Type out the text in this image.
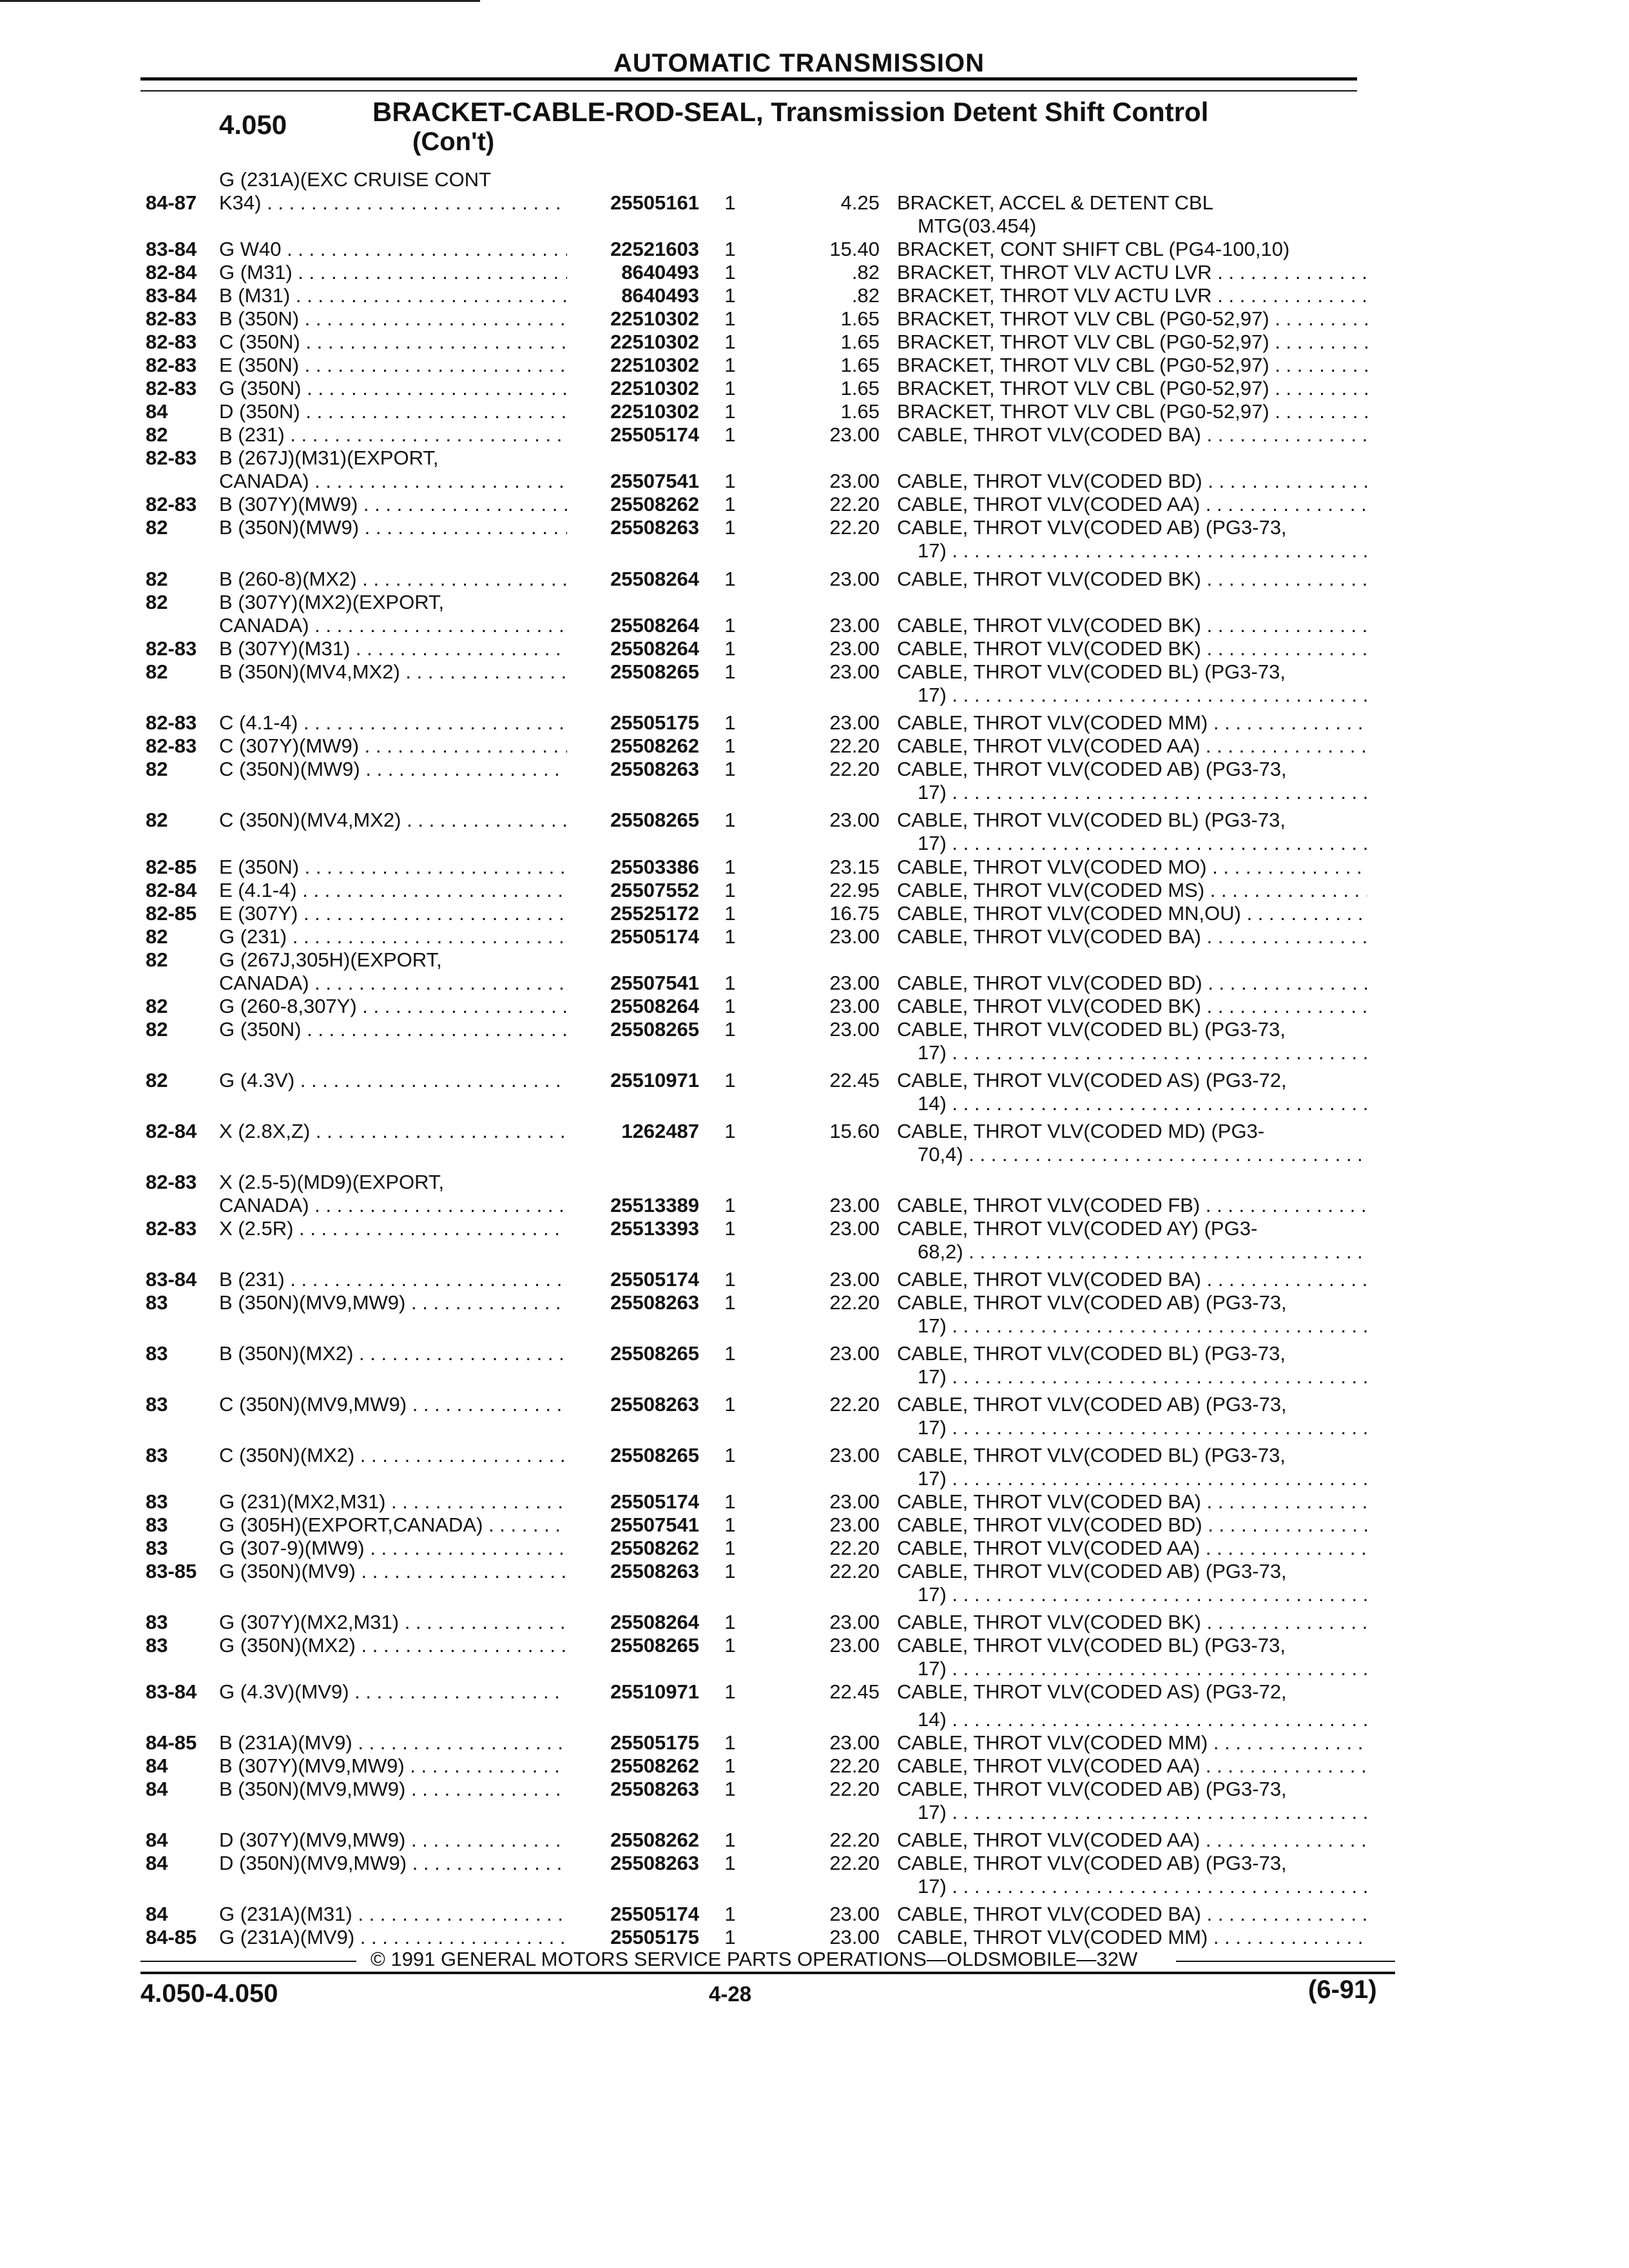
AUTOMATIC TRANSMISSION
4.050	BRACKET-CABLE-ROD-SEAL, Transmission Detent Shift Control
(Con't)
G (231A)(EXC CRUISE CONT
84-87 K34) . . .	25505161 1	4.25 BRACKET, ACCEL & DETENT CBL
MTG(03.454)
83-84 G W40 . . .	22521603 1	15.40 BRACKET, CONT SHIFT CBL (PG4-100,10)
82-84 G (M31) . . .	8640493 1	.82 BRACKET, THROT VLV ACTU LVR . . .
83-84 B (M31) . . .	8640493 1	.82 BRACKET, THROT VLV ACTU LVR . . .
82-83 B (350N) . . .	22510302 1	1.65 BRACKET, THROT VLV CBL (PG0-52,97) . . .
82-83 C (350N) . . .	22510302 1	1.65 BRACKET, THROT VLV CBL (PG0-52,97) . . .
82-83 E (350N) . . .	22510302 1	1.65 BRACKET, THROT VLV CBL (PG0-52,97) . . .
82-83 G (350N) . . .	22510302 1	1.65 BRACKET, THROT VLV CBL (PG0-52,97) . . .
84	D (350N) . . .	22510302 1	1.65 BRACKET, THROT VLV CBL (PG0-52,97) . . .
82	B (231) . . .	25505174 1	23.00 CABLE, THROT VLV(CODED BA) . . .
82-83 B (267J)(M31)(EXPORT,
CANADA) . . .	25507541 1	23.00 CABLE, THROT VLV(CODED BD) . . .
82-83 B (307Y)(MW9) . . .	25508262 1	22.20 CABLE, THROT VLV(CODED AA) . . .
82	B (350N)(MW9) . . .	25508263 1	22.20 CABLE, THROT VLV(CODED AB) (PG3-73,
17) . . .
82	B (260-8)(MX2) . . .	25508264 1	23.00 CABLE, THROT VLV(CODED BK) . . .
82	B (307Y)(MX2)(EXPORT,
CANADA) . . .	25508264 1	23.00 CABLE, THROT VLV(CODED BK) . . .
82-83 B (307Y)(M31) . . .	25508264 1	23.00 CABLE, THROT VLV(CODED BK) . . .
82	B (350N)(MV4,MX2) . . .	25508265 1	23.00 CABLE, THROT VLV(CODED BL) (PG3-73,
17) . . .
82-83 C (4.1-4) . . .	25505175 1	23.00 CABLE, THROT VLV(CODED MM) . . .
82-83 C (307Y)(MW9) . . .	25508262 1	22.20 CABLE, THROT VLV(CODED AA) . . .
82	C (350N)(MW9) . . .	25508263 1	22.20 CABLE, THROT VLV(CODED AB) (PG3-73,
17) . . .
82	C (350N)(MV4,MX2) . . .	25508265 1	23.00 CABLE, THROT VLV(CODED BL) (PG3-73,
17) . . .
82-85 E (350N) . . .	25503386 1	23.15 CABLE, THROT VLV(CODED MO) . . .
82-84 E (4.1-4) . . .	25507552 1	22.95 CABLE, THROT VLV(CODED MS) . . .
82-85 E (307Y) . . .	25525172 1	16.75 CABLE, THROT VLV(CODED MN,OU) . . .
82	G (231) . . .	25505174 1	23.00 CABLE, THROT VLV(CODED BA) . . .
82	G (267J,305H)(EXPORT,
CANADA) . . .	25507541 1	23.00 CABLE, THROT VLV(CODED BD) . . .
82	G (260-8,307Y) . . .	25508264 1	23.00 CABLE, THROT VLV(CODED BK) . . .
82	G (350N) . . .	25508265 1	23.00 CABLE, THROT VLV(CODED BL) (PG3-73,
17) . . .
82	G (4.3V) . . .	25510971 1	22.45 CABLE, THROT VLV(CODED AS) (PG3-72,
14) . . .
82-84 X (2.8X,Z) . . .	1262487 1	15.60 CABLE, THROT VLV(CODED MD) (PG3-
70,4) . . .
82-83 X (2.5-5)(MD9)(EXPORT,
CANADA) . . .	25513389 1	23.00 CABLE, THROT VLV(CODED FB) . . .
82-83 X (2.5R) . . .	25513393 1	23.00 CABLE, THROT VLV(CODED AY) (PG3-
68,2) . . .
83-84 B (231) . . .	25505174 1	23.00 CABLE, THROT VLV(CODED BA) . . .
83	B (350N)(MV9,MW9) . . .	25508263 1	22.20 CABLE, THROT VLV(CODED AB) (PG3-73,
17) . . .
83	B (350N)(MX2) . . .	25508265 1	23.00 CABLE, THROT VLV(CODED BL) (PG3-73,
17) . . .
83	C (350N)(MV9,MW9) . . .	25508263 1	22.20 CABLE, THROT VLV(CODED AB) (PG3-73,
17) . . .
83	C (350N)(MX2) . . .	25508265 1	23.00 CABLE, THROT VLV(CODED BL) (PG3-73,
17) . . .
83	G (231)(MX2,M31) . . .	25505174 1	23.00 CABLE, THROT VLV(CODED BA) . . .
83	G (305H)(EXPORT,CANADA) . . .	25507541 1	23.00 CABLE, THROT VLV(CODED BD) . . .
83	G (307-9)(MW9) . . .	25508262 1	22.20 CABLE, THROT VLV(CODED AA) . . .
83-85 G (350N)(MV9) . . .	25508263 1	22.20 CABLE, THROT VLV(CODED AB) (PG3-73,
17) . . .
83	G (307Y)(MX2,M31) . . .	25508264 1	23.00 CABLE, THROT VLV(CODED BK) . . .
83	G (350N)(MX2) . . .	25508265 1	23.00 CABLE, THROT VLV(CODED BL) (PG3-73,
17) . . .
83-84 G (4.3V)(MV9) . . .	25510971 1	22.45 CABLE, THROT VLV(CODED AS) (PG3-72,
14) . . .
84-85 B (231A)(MV9) . . .	25505175 1	23.00 CABLE, THROT VLV(CODED MM) . . .
84	B (307Y)(MV9,MW9) . . .	25508262 1	22.20 CABLE, THROT VLV(CODED AA) . . .
84	B (350N)(MV9,MW9) . . .	25508263 1	22.20 CABLE, THROT VLV(CODED AB) (PG3-73,
17) . . .
84	D (307Y)(MV9,MW9) . . .	25508262 1	22.20 CABLE, THROT VLV(CODED AA) . . .
84	D (350N)(MV9,MW9) . . .	25508263 1	22.20 CABLE, THROT VLV(CODED AB) (PG3-73,
17) . . .
84	G (231A)(M31) . . .	25505174 1	23.00 CABLE, THROT VLV(CODED BA) . . .
84-85 G (231A)(MV9) . . .	25505175 1	23.00 CABLE, THROT VLV(CODED MM) . . .
© 1991 GENERAL MOTORS SERVICE PARTS OPERATIONS—OLDSMOBILE—32W
4.050-4.050	4-28	(6-91)
